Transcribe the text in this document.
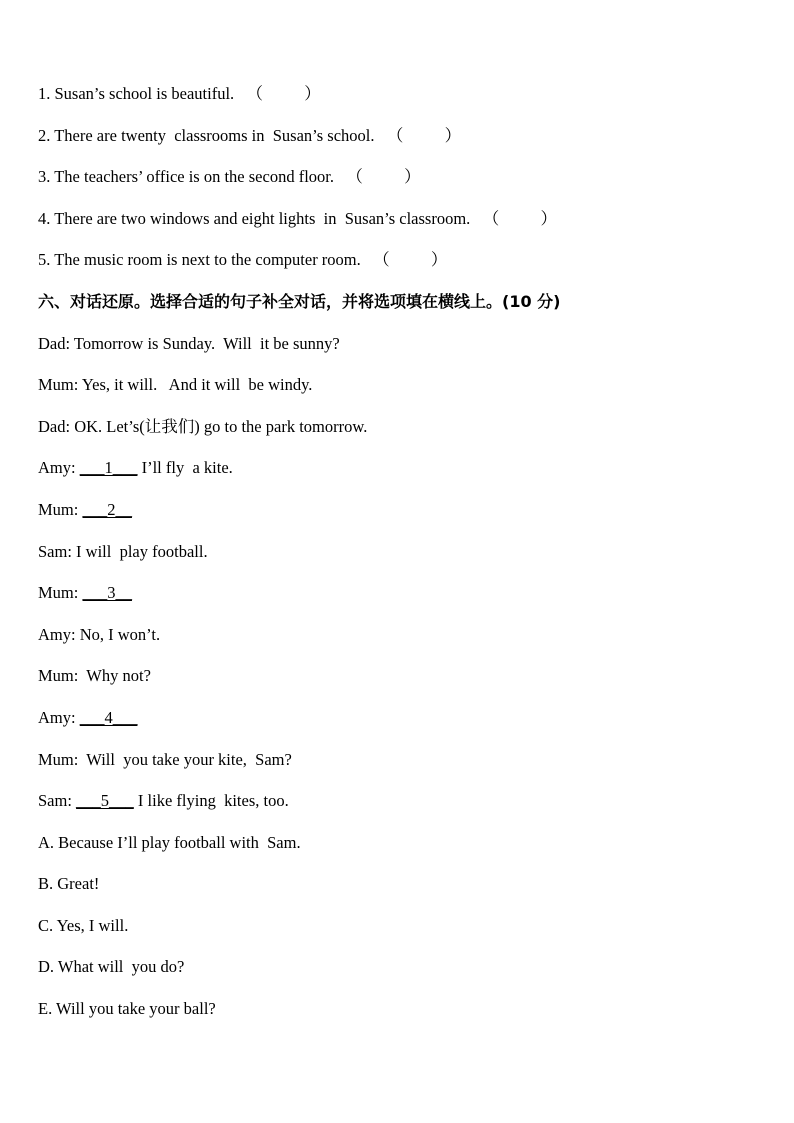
1. Susan’s school is beautiful. （          ）
2. There are twenty  classrooms in  Susan’s school. （          ）
3. The teachers’ office is on the second floor. （          ）
4. There are two windows and eight lights  in  Susan’s classroom. （          ）
5. The music room is next to the computer room. （          ）
六、对话还原。选择合适的句子补全对话，并将选项填在横线上。(10 分)
Dad: Tomorrow is Sunday.  Will  it be sunny?
Mum: Yes, it will.   And it will  be windy.
Dad: OK. Let’s(让我们) go to the park tomorrow.
Amy: ___1___ I’ll fly  a kite.
Mum: ___2__
Sam: I will  play football.
Mum: ___3__
Amy: No, I won’t.
Mum:  Why not?
Amy: ___4___
Mum:  Will  you take your kite,  Sam?
Sam: ___5___ I like flying  kites, too.
A. Because I’ll play football with  Sam.
B. Great!
C. Yes, I will.
D. What will  you do?
E. Will you take your ball?
